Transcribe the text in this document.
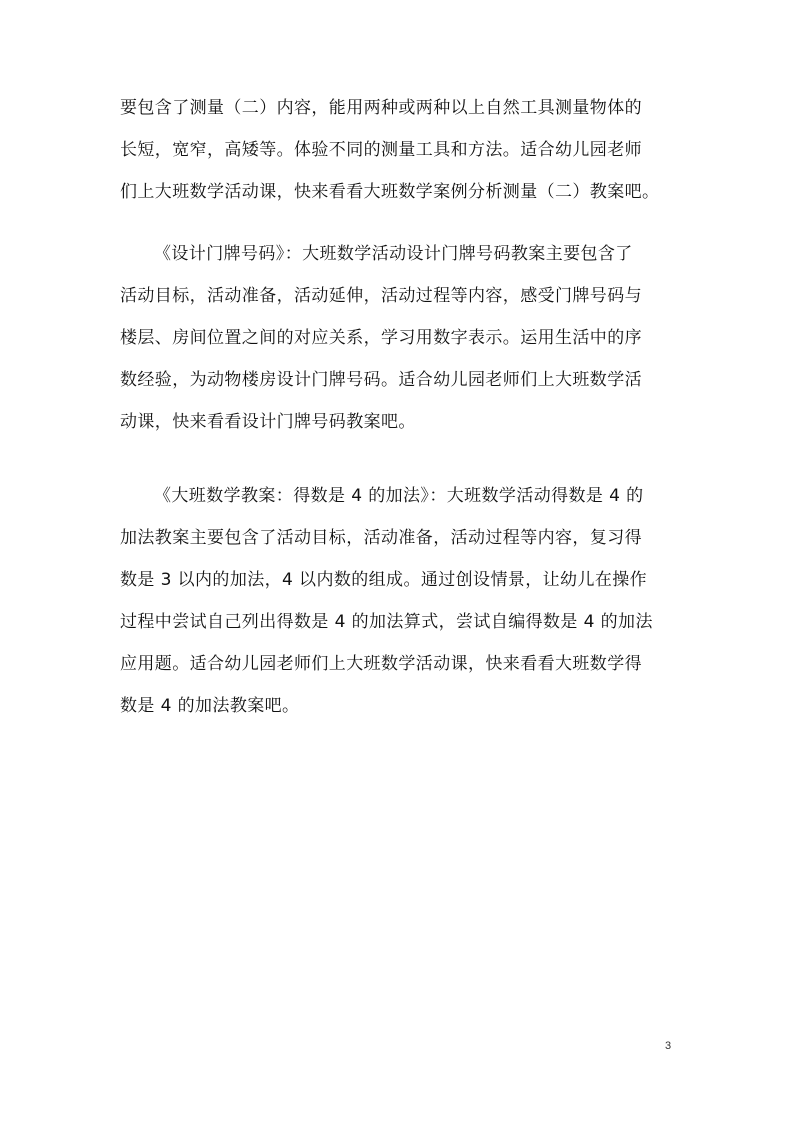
要包含了测量（二）内容，能用两种或两种以上自然工具测量物体的
长短，宽窄，高矮等。体验不同的测量工具和方法。适合幼儿园老师
们上大班数学活动课，快来看看大班数学案例分析测量（二）教案吧。
《设计门牌号码》：大班数学活动设计门牌号码教案主要包含了
活动目标，活动准备，活动延伸，活动过程等内容，感受门牌号码与
楼层、房间位置之间的对应关系，学习用数字表示。运用生活中的序
数经验，为动物楼房设计门牌号码。适合幼儿园老师们上大班数学活
动课，快来看看设计门牌号码教案吧。
《大班数学教案：得数是 4 的加法》：大班数学活动得数是 4 的
加法教案主要包含了活动目标，活动准备，活动过程等内容，复习得
数是 3 以内的加法，4 以内数的组成。通过创设情景，让幼儿在操作
过程中尝试自己列出得数是 4 的加法算式，尝试自编得数是 4 的加法
应用题。适合幼儿园老师们上大班数学活动课，快来看看大班数学得
数是 4 的加法教案吧。
3
